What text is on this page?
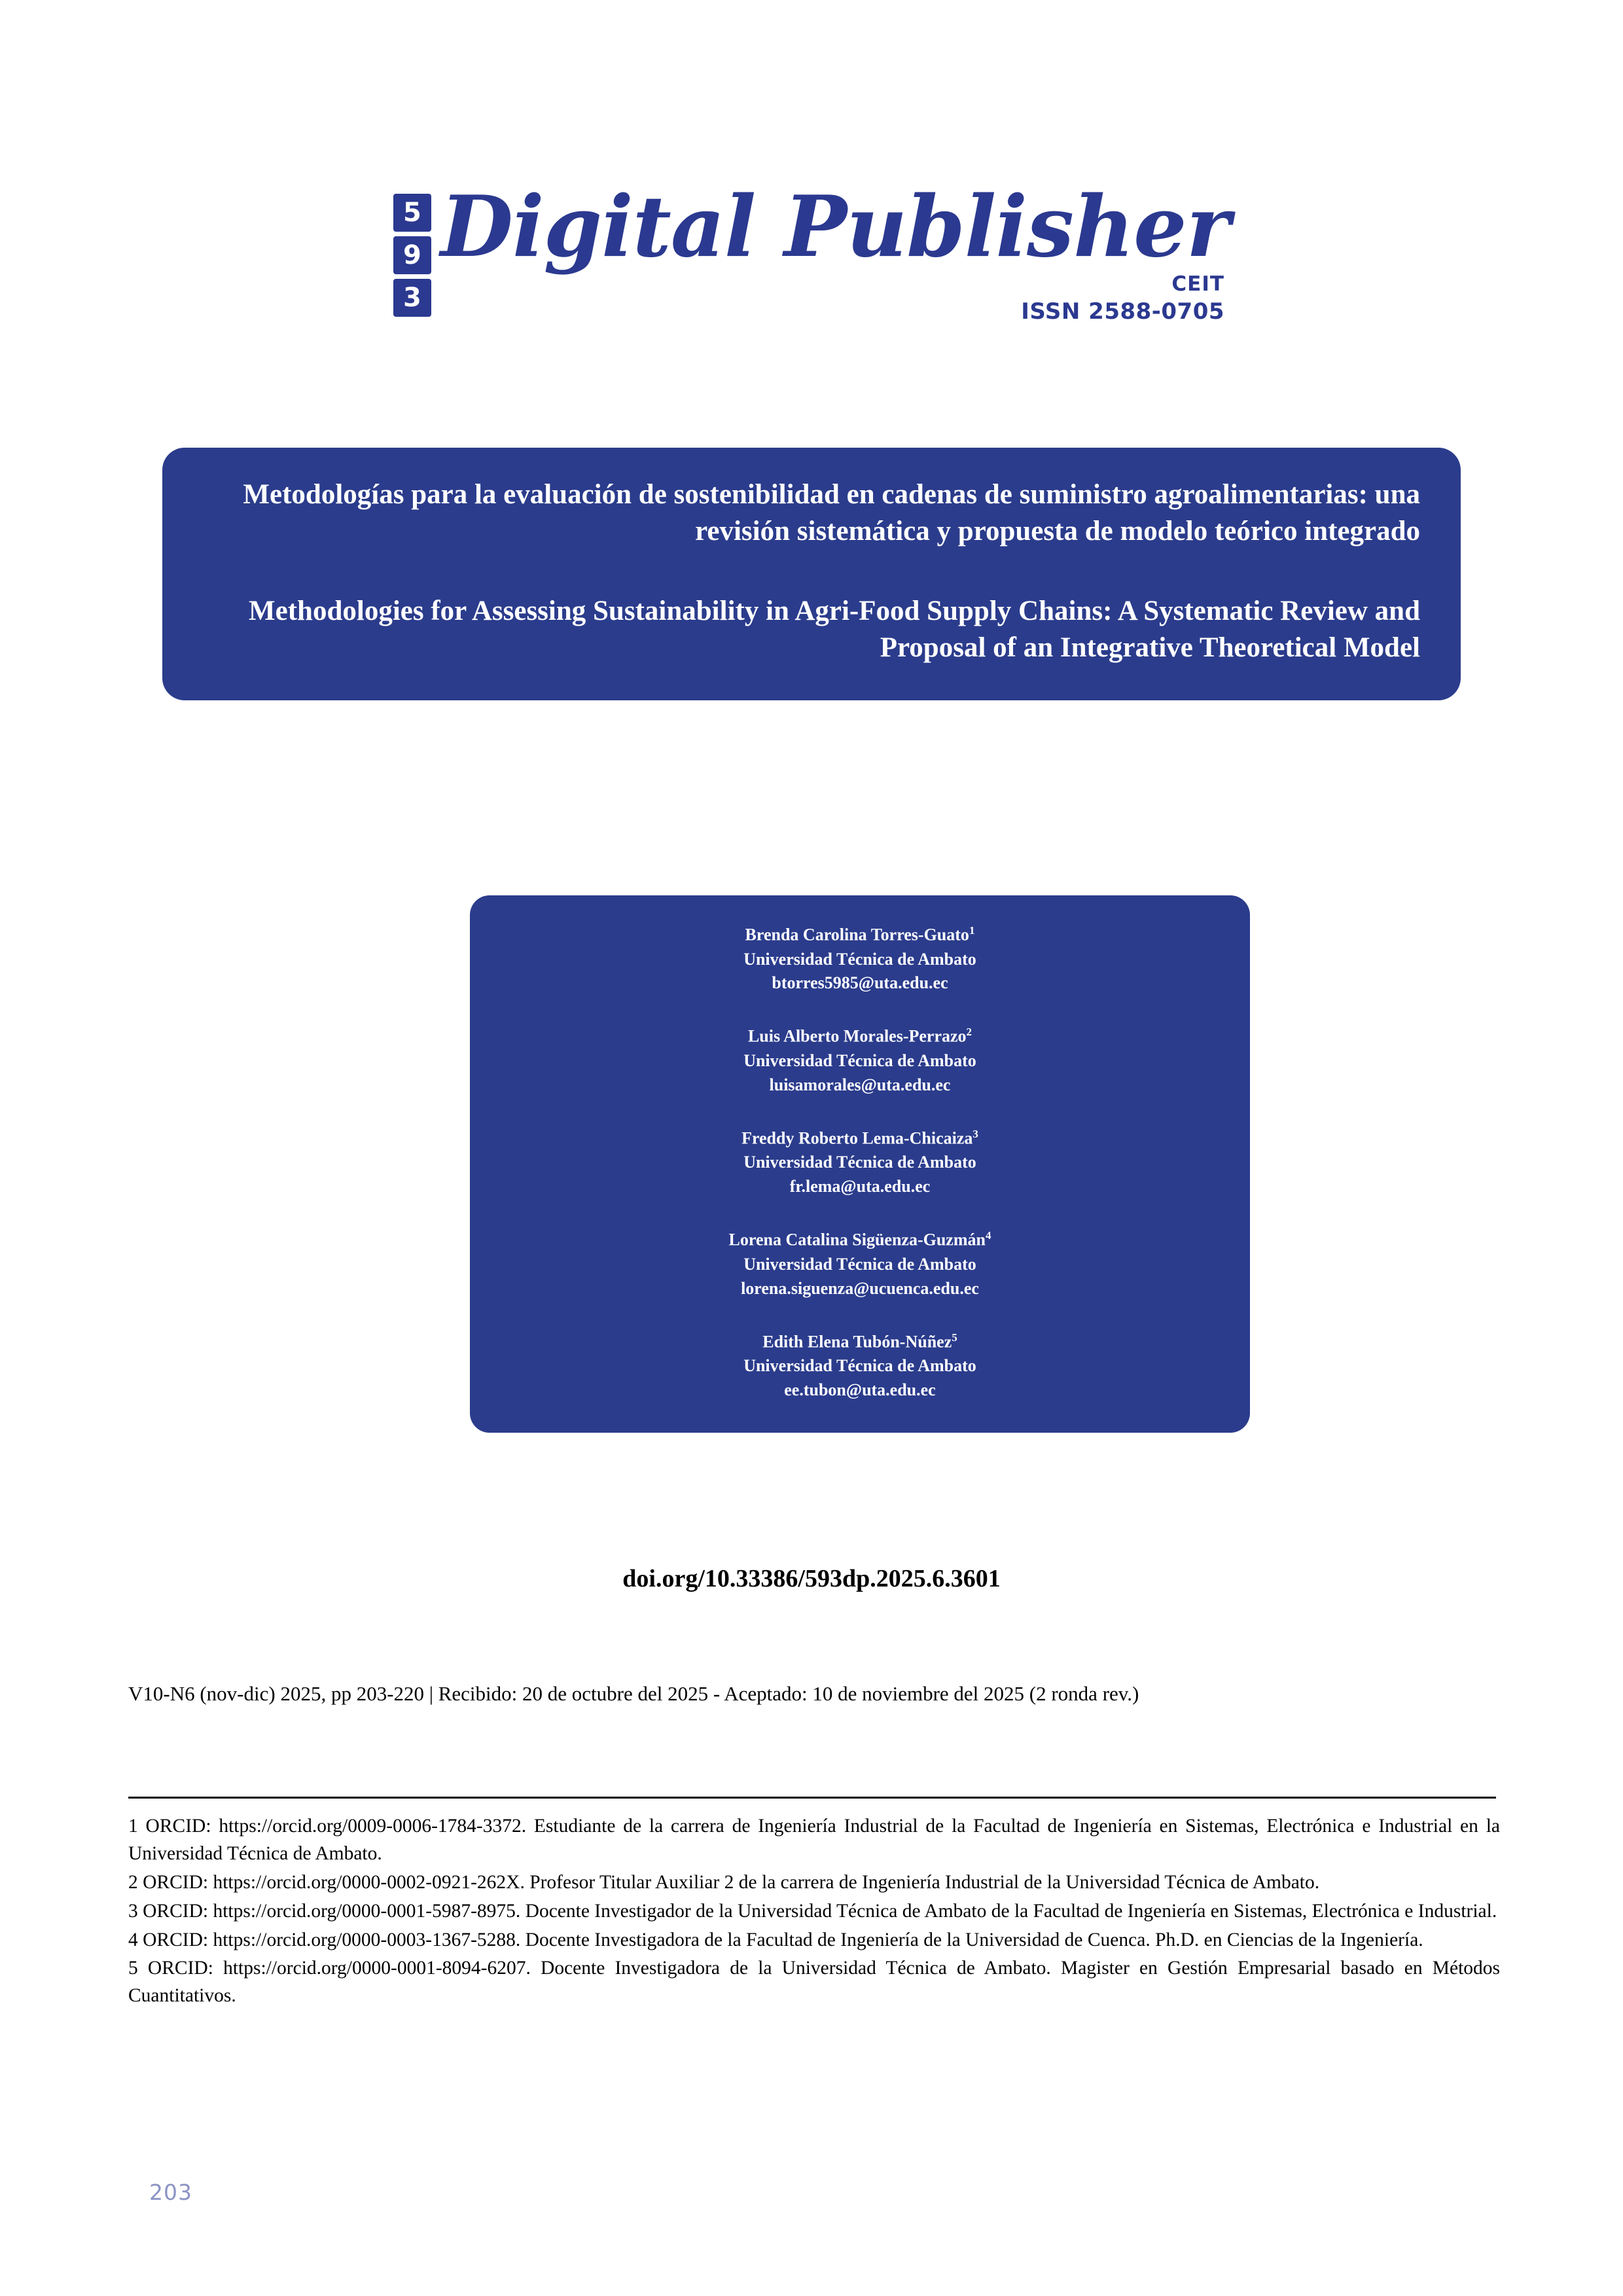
5
9
3
Digital Publisher
CEIT
ISSN 2588-0705
Metodologías para la evaluación de sostenibilidad en cadenas de suministro agroalimentarias: una revisión sistemática y propuesta de modelo teórico integrado
Methodologies for Assessing Sustainability in Agri-Food Supply Chains: A Systematic Review and Proposal of an Integrative Theoretical Model
Brenda Carolina Torres-Guato$^1$
Universidad Técnica de Ambato
btorres5985@uta.edu.ec
Luis Alberto Morales-Perrazo$^2$
Universidad Técnica de Ambato
luisamorales@uta.edu.ec
Freddy Roberto Lema-Chicaiza$^3$
Universidad Técnica de Ambato
fr.lema@uta.edu.ec
Lorena Catalina Sigüenza-Guzmán$^4$
Universidad Técnica de Ambato
lorena.siguenza@ucuenca.edu.ec
Edith Elena Tubón-Núñez$^5$
Universidad Técnica de Ambato
ee.tubon@uta.edu.ec
doi.org/10.33386/593dp.2025.6.3601
V10-N6 (nov-dic) 2025, pp 203-220 | Recibido: 20 de octubre del 2025 - Aceptado: 10 de noviembre del 2025 (2 ronda rev.)
1 ORCID: https://orcid.org/0009-0006-1784-3372. Estudiante de la carrera de Ingeniería Industrial de la Facultad de Ingeniería en Sistemas, Electrónica e Industrial en la Universidad Técnica de Ambato.
2 ORCID: https://orcid.org/0000-0002-0921-262X. Profesor Titular Auxiliar 2 de la carrera de Ingeniería Industrial de la Universidad Técnica de Ambato.
3 ORCID: https://orcid.org/0000-0001-5987-8975. Docente Investigador de la Universidad Técnica de Ambato de la Facultad de Ingeniería en Sistemas, Electrónica e Industrial.
4 ORCID: https://orcid.org/0000-0003-1367-5288. Docente Investigadora de la Facultad de Ingeniería de la Universidad de Cuenca. Ph.D. en Ciencias de la Ingeniería.
5 ORCID: https://orcid.org/0000-0001-8094-6207. Docente Investigadora de la Universidad Técnica de Ambato. Magister en Gestión Empresarial basado en Métodos Cuantitativos.
203
